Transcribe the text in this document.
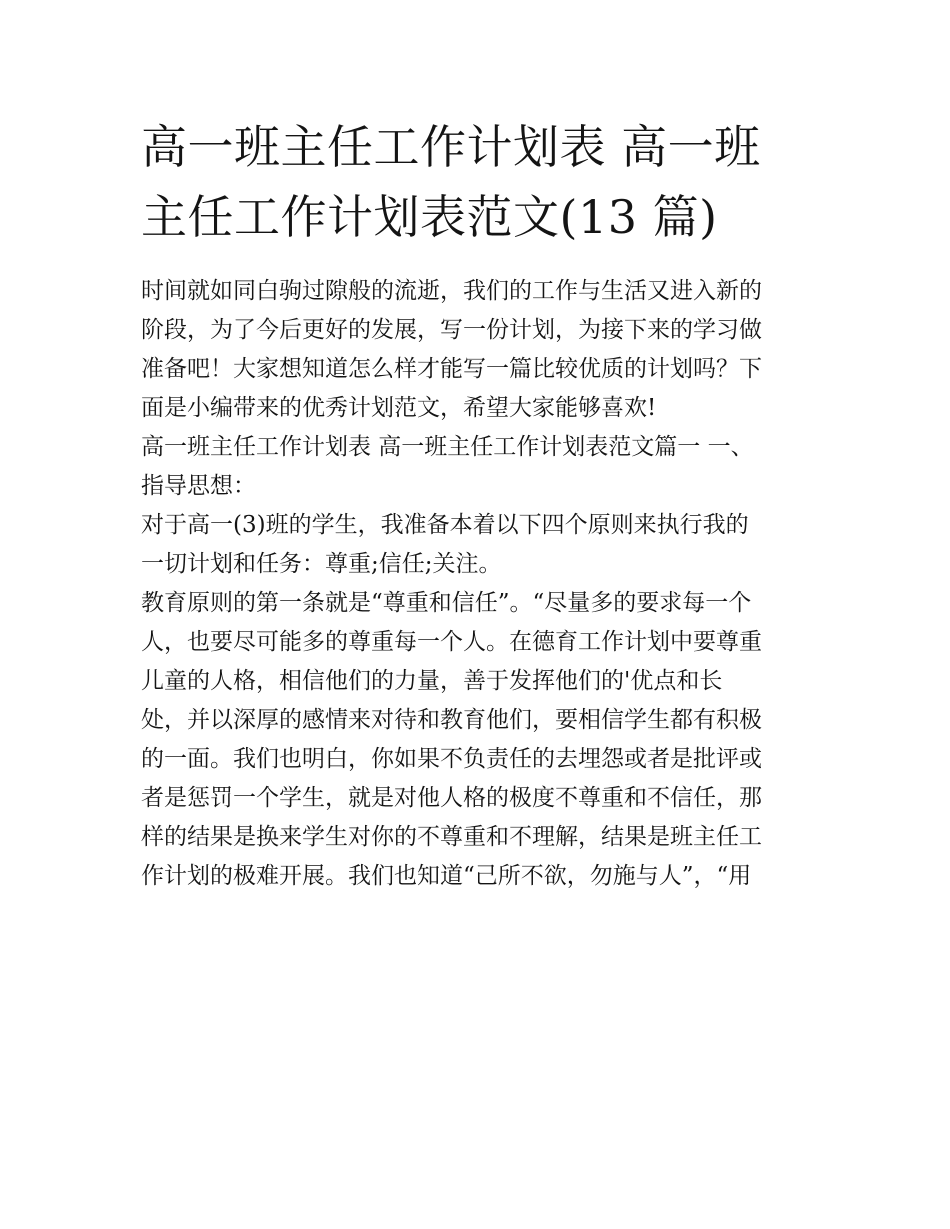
高一班主任工作计划表 高一班
主任工作计划表范文(13 篇)

时间就如同白驹过隙般的流逝，我们的工作与生活又进入新的
阶段，为了今后更好的发展，写一份计划，为接下来的学习做
准备吧！大家想知道怎么样才能写一篇比较优质的计划吗？下
面是小编带来的优秀计划范文，希望大家能够喜欢!

高一班主任工作计划表 高一班主任工作计划表范文篇一 一、
指导思想：

对于高一(3)班的学生，我准备本着以下四个原则来执行我的
一切计划和任务：尊重;信任;关注。

教育原则的第一条就是“尊重和信任”。“尽量多的要求每一个
人，也要尽可能多的尊重每一个人。在德育工作计划中要尊重
儿童的人格，相信他们的力量，善于发挥他们的'优点和长
处，并以深厚的感情来对待和教育他们，要相信学生都有积极
的一面。我们也明白，你如果不负责任的去埋怨或者是批评或
者是惩罚一个学生，就是对他人格的极度不尊重和不信任，那
样的结果是换来学生对你的不尊重和不理解，结果是班主任工
作计划的极难开展。我们也知道“己所不欲，勿施与人”，“用
